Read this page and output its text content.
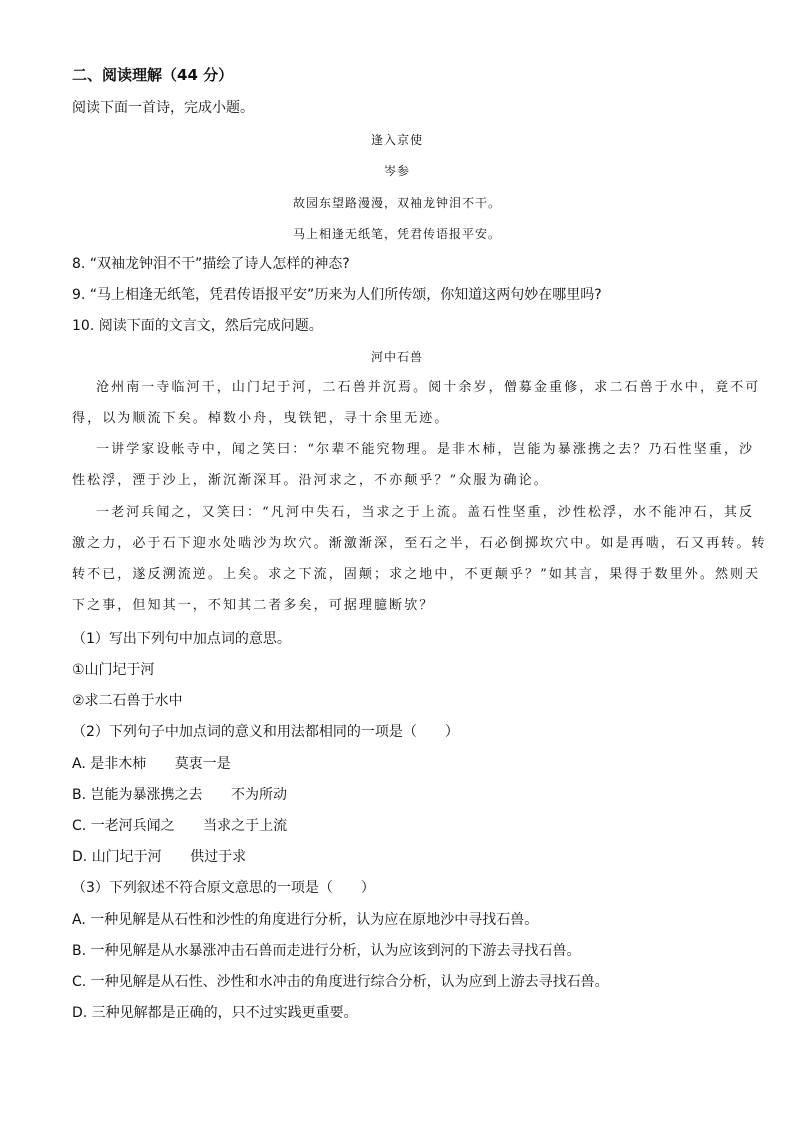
二、阅读理解（44 分）
阅读下面一首诗，完成小题。
逢入京使
岑参
故园东望路漫漫，双袖龙钟泪不干。
马上相逢无纸笔，凭君传语报平安。
8. “双袖龙钟泪不干”描绘了诗人怎样的神态?
9. “马上相逢无纸笔，凭君传语报平安”历来为人们所传颂，你知道这两句妙在哪里吗?
10. 阅读下面的文言文，然后完成问题。
河中石兽
沧州南一寺临河干，山门圮于河，二石兽并沉焉。阅十余岁，僧募金重修，求二石兽于水中，竟不可
得，以为顺流下矣。棹数小舟，曳铁钯，寻十余里无迹。
一讲学家设帐寺中，闻之笑曰：“尔辈不能究物理。是非木柿，岂能为暴涨携之去？乃石性坚重，沙
性松浮，湮于沙上，渐沉渐深耳。沿河求之，不亦颠乎？”众服为确论。
一老河兵闻之，又笑曰：“凡河中失石，当求之于上流。盖石性坚重，沙性松浮，水不能冲石，其反
激之力，必于石下迎水处啮沙为坎穴。渐激渐深，至石之半，石必倒掷坎穴中。如是再啮，石又再转。转
转不已，遂反溯流逆。上矣。求之下流，固颠；求之地中，不更颠乎？”如其言，果得于数里外。然则天
下之事，但知其一，不知其二者多矣，可据理臆断欤？
（1）写出下列句中加点词的意思。
①山门圮于河
②求二石兽于水中
（2）下列句子中加点词的意义和用法都相同的一项是（　　）
A. 是非木柿 莫衷一是
B. 岂能为暴涨携之去 不为所动
C. 一老河兵闻之 当求之于上流
D. 山门圮于河 供过于求
（3）下列叙述不符合原文意思的一项是（　　）
A. 一种见解是从石性和沙性的角度进行分析，认为应在原地沙中寻找石兽。
B. 一种见解是从水暴涨冲击石兽而走进行分析，认为应该到河的下游去寻找石兽。
C. 一种见解是从石性、沙性和水冲击的角度进行综合分析，认为应到上游去寻找石兽。
D. 三种见解都是正确的，只不过实践更重要。
